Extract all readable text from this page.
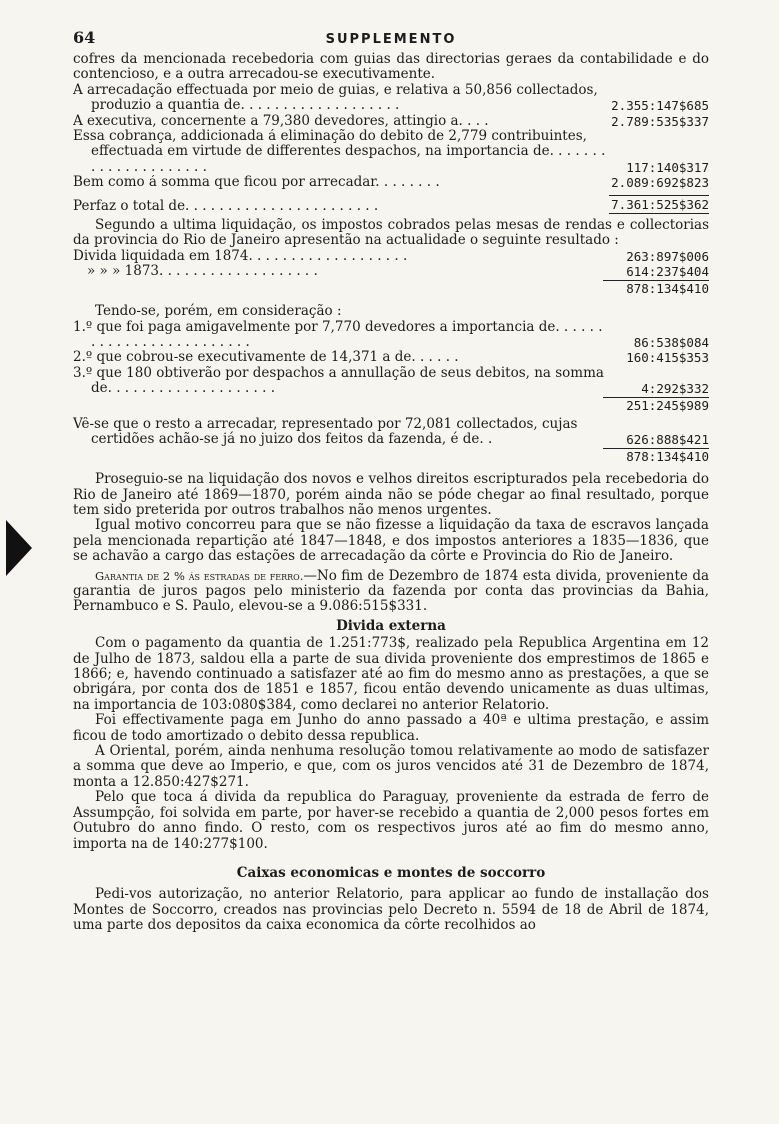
64	SUPPLEMENTO

cofres da mencionada recebedoria com guias das directorias geraes da contabilidade e do contencioso, e a outra arrecadou-se executivamente.

A arrecadação effectuada por meio de guias, e relativa a 50,856 collectados, produzio a quantia de. . . . . . . . . . . . . . . . . . .	2.355:147$685
A executiva, concernente a 79,380 devedores, attingio a. . . .	2.789:535$337
Essa cobrança, addicionada á eliminação do debito de 2,779 contribuintes, effectuada em virtude de differentes despachos, na importancia de. . . . . . . . . . . . . . . . . . . . .	117:140$317
Bem como á somma que ficou por arrecadar. . . . . . . .	2.089:692$823
Perfaz o total de. . . . . . . . . . . . . . . . . . . . . . .	7.361:525$362

Segundo a ultima liquidação, os impostos cobrados pelas mesas de rendas e collectorias da provincia do Rio de Janeiro apresentão na actualidade o seguinte resultado :

Divida liquidada em 1874. . . . . . . . . . . . . . . . . . .	263:897$006
» » » 1873. . . . . . . . . . . . . . . . . . .	614:237$404
878:134$410

Tendo-se, porém, em consideração :

1.º que foi paga amigavelmente por 7,770 devedores a importancia de. . . . . . . . . . . . . . . . . . . . . . . . .	86:538$084
2.º que cobrou-se executivamente de 14,371 a de. . . . . .	160:415$353
3.º que 180 obtiverão por despachos a annullação de seus debitos, na somma de. . . . . . . . . . . . . . . . . . . .	4:292$332
251:245$989
Vê-se que o resto a arrecadar, representado por 72,081 collectados, cujas certidões achão-se já no juizo dos feitos da fazenda, é de. .	626:888$421
878:134$410

Proseguio-se na liquidação dos novos e velhos direitos escripturados pela recebedoria do Rio de Janeiro até 1869—1870, porém ainda não se póde chegar ao final resultado, porque tem sido preterida por outros trabalhos não menos urgentes.

Igual motivo concorreu para que se não fizesse a liquidação da taxa de escravos lançada pela mencionada repartição até 1847—1848, e dos impostos anteriores a 1835—1836, que se achavão a cargo das estações de arrecadação da côrte e Provincia do Rio de Janeiro.

Garantia de 2 % ás estradas de ferro.—No fim de Dezembro de 1874 esta divida, proveniente da garantia de juros pagos pelo ministerio da fazenda por conta das provincias da Bahia, Pernambuco e S. Paulo, elevou-se a 9.086:515$331.

Divida externa

Com o pagamento da quantia de 1.251:773$, realizado pela Republica Argentina em 12 de Julho de 1873, saldou ella a parte de sua divida proveniente dos emprestimos de 1865 e 1866; e, havendo continuado a satisfazer até ao fim do mesmo anno as prestações, a que se obrigára, por conta dos de 1851 e 1857, ficou então devendo unicamente as duas ultimas, na importancia de 103:080$384, como declarei no anterior Relatorio.

Foi effectivamente paga em Junho do anno passado a 40ª e ultima prestação, e assim ficou de todo amortizado o debito dessa republica.

A Oriental, porém, ainda nenhuma resolução tomou relativamente ao modo de satisfazer a somma que deve ao Imperio, e que, com os juros vencidos até 31 de Dezembro de 1874, monta a 12.850:427$271.

Pelo que toca á divida da republica do Paraguay, proveniente da estrada de ferro de Assumpção, foi solvida em parte, por haver-se recebido a quantia de 2,000 pesos fortes em Outubro do anno findo. O resto, com os respectivos juros até ao fim do mesmo anno, importa na de 140:277$100.

Caixas economicas e montes de soccorro

Pedi-vos autorização, no anterior Relatorio, para applicar ao fundo de installação dos Montes de Soccorro, creados nas provincias pelo Decreto n. 5594 de 18 de Abril de 1874, uma parte dos depositos da caixa economica da côrte recolhidos ao
